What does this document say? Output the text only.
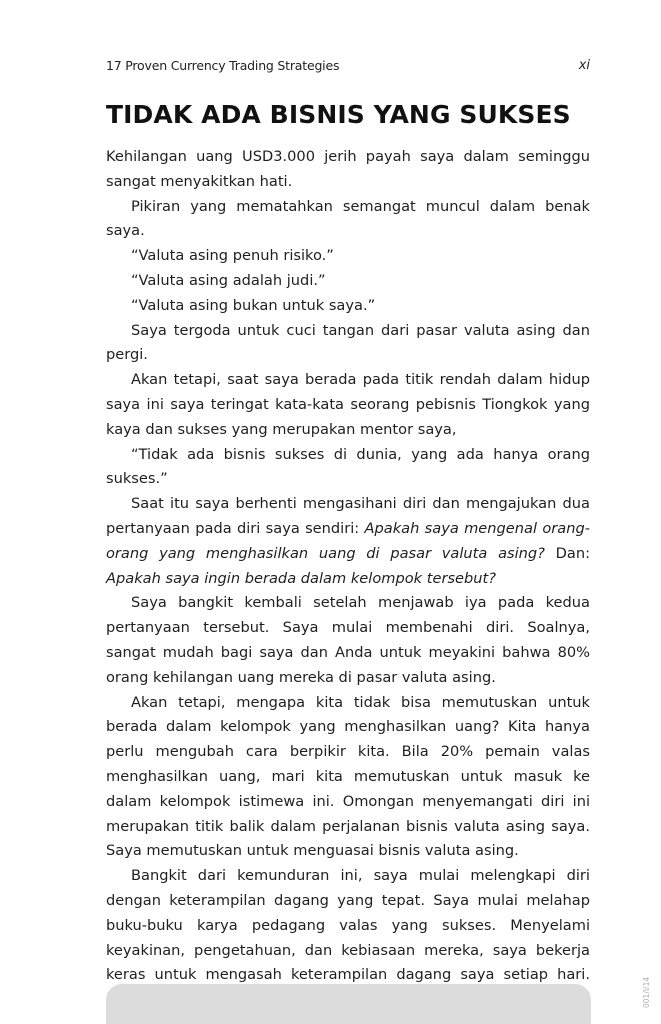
17 Proven Currency Trading Strategies	xi
TIDAK ADA BISNIS YANG SUKSES

Kehilangan uang USD3.000 jerih payah saya dalam seminggu sangat menyakitkan hati.

Pikiran yang mematahkan semangat muncul dalam benak saya.

“Valuta asing penuh risiko.”

“Valuta asing adalah judi.”

“Valuta asing bukan untuk saya.”

Saya tergoda untuk cuci tangan dari pasar valuta asing dan pergi.

Akan tetapi, saat saya berada pada titik rendah dalam hidup saya ini saya teringat kata-kata seorang pebisnis Tiongkok yang kaya dan sukses yang merupakan mentor saya,

“Tidak ada bisnis sukses di dunia, yang ada hanya orang sukses.”

Saat itu saya berhenti mengasihani diri dan mengajukan dua pertanyaan pada diri saya sendiri: Apakah saya mengenal orang-orang yang menghasilkan uang di pasar valuta asing? Dan: Apakah saya ingin berada dalam kelompok tersebut?

Saya bangkit kembali setelah menjawab iya pada kedua pertanyaan tersebut. Saya mulai membenahi diri. Soalnya, sangat mudah bagi saya dan Anda untuk meyakini bahwa 80% orang kehilangan uang mereka di pasar valuta asing.

Akan tetapi, mengapa kita tidak bisa memutuskan untuk berada dalam kelompok yang menghasilkan uang? Kita hanya perlu mengubah cara berpikir kita. Bila 20% pemain valas menghasilkan uang, mari kita memutuskan untuk masuk ke dalam kelompok istimewa ini. Omongan menyemangati diri ini merupakan titik balik dalam perjalanan bisnis valuta asing saya. Saya memutuskan untuk menguasai bisnis valuta asing.

Bangkit dari kemunduran ini, saya mulai melengkapi diri dengan keterampilan dagang yang tepat. Saya mulai melahap buku-buku karya pedagang valas yang sukses. Menyelami keyakinan, pengetahuan, dan kebiasaan mereka, saya bekerja keras untuk mengasah keterampilan dagang saya setiap hari.

001/I/14
